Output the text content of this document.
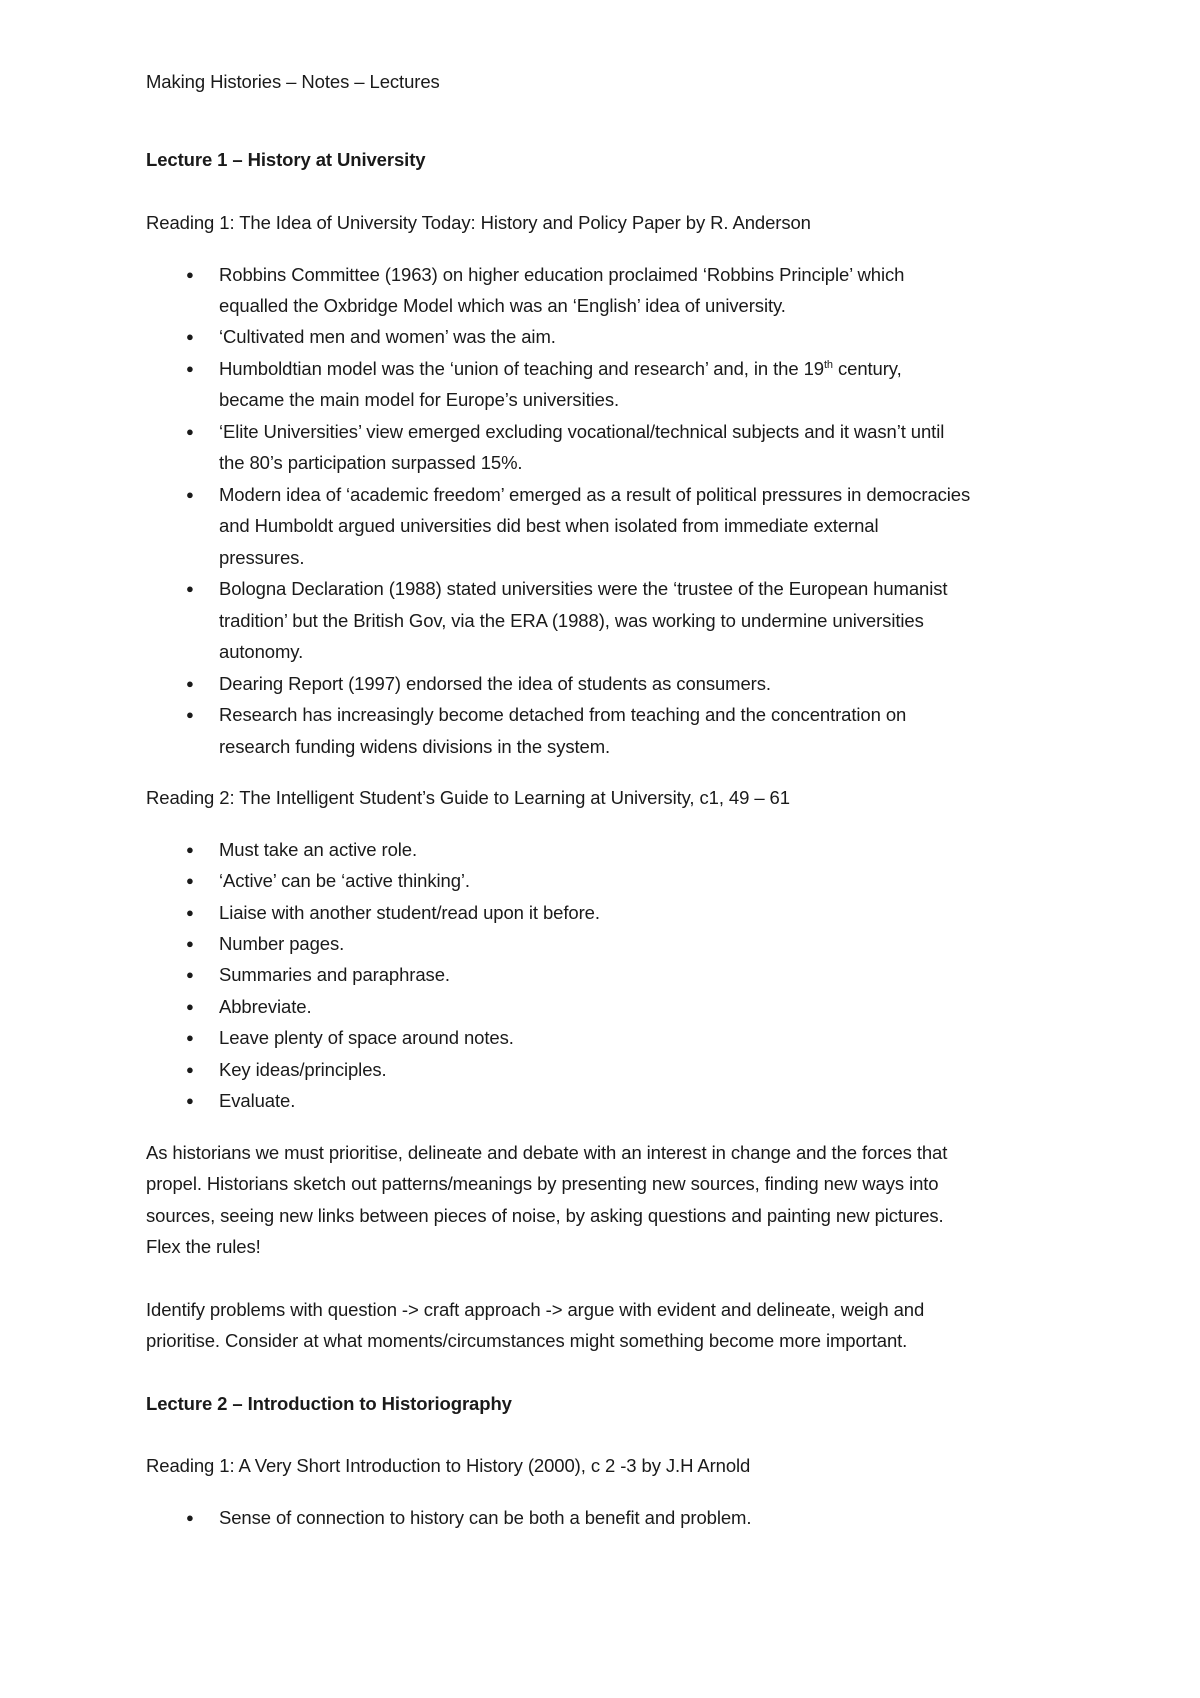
Making Histories – Notes – Lectures
Lecture 1 – History at University
Reading 1: The Idea of University Today: History and Policy Paper by R. Anderson
● Robbins Committee (1963) on higher education proclaimed ‘Robbins Principle’ which
equalled the Oxbridge Model which was an ‘English’ idea of university.
● ‘Cultivated men and women’ was the aim.
● Humboldtian model was the ‘union of teaching and research’ and, in the 19th century,
became the main model for Europe’s universities.
● ‘Elite Universities’ view emerged excluding vocational/technical subjects and it wasn’t until
the 80’s participation surpassed 15%.
● Modern idea of ‘academic freedom’ emerged as a result of political pressures in democracies
and Humboldt argued universities did best when isolated from immediate external
pressures.
● Bologna Declaration (1988) stated universities were the ‘trustee of the European humanist
tradition’ but the British Gov, via the ERA (1988), was working to undermine universities
autonomy.
● Dearing Report (1997) endorsed the idea of students as consumers.
● Research has increasingly become detached from teaching and the concentration on
research funding widens divisions in the system.
Reading 2: The Intelligent Student’s Guide to Learning at University, c1, 49 – 61
● Must take an active role.
● ‘Active’ can be ‘active thinking’.
● Liaise with another student/read upon it before.
● Number pages.
● Summaries and paraphrase.
● Abbreviate.
● Leave plenty of space around notes.
● Key ideas/principles.
● Evaluate.
As historians we must prioritise, delineate and debate with an interest in change and the forces that
propel. Historians sketch out patterns/meanings by presenting new sources, finding new ways into
sources, seeing new links between pieces of noise, by asking questions and painting new pictures.
Flex the rules!
Identify problems with question -> craft approach -> argue with evident and delineate, weigh and
prioritise. Consider at what moments/circumstances might something become more important.
Lecture 2 – Introduction to Historiography
Reading 1: A Very Short Introduction to History (2000), c 2 -3 by J.H Arnold
● Sense of connection to history can be both a benefit and problem.
